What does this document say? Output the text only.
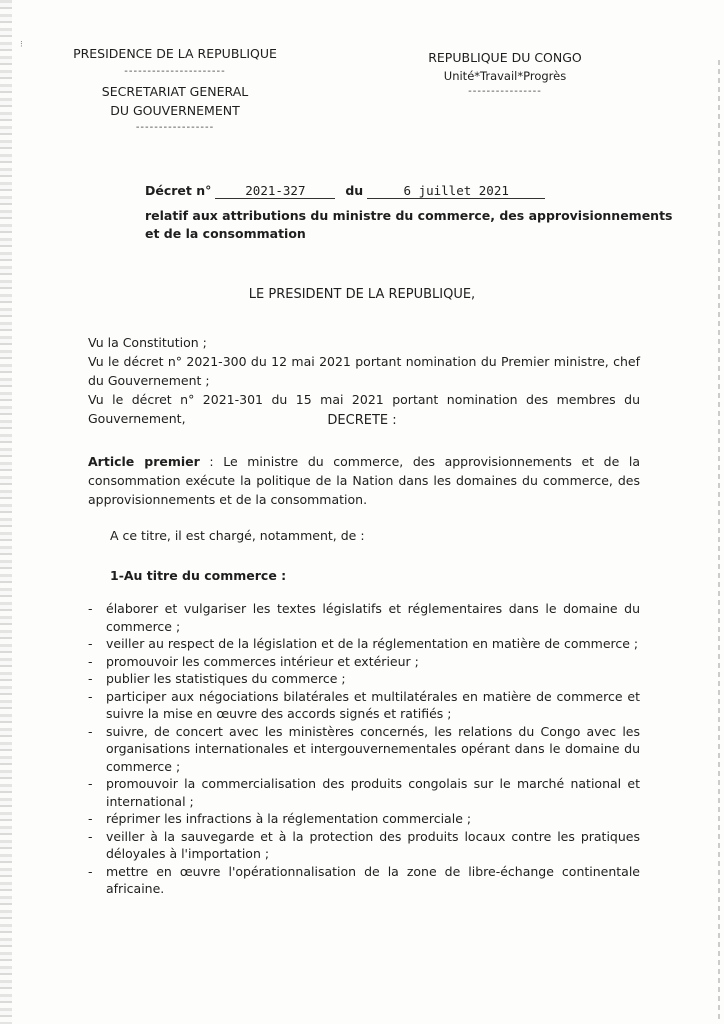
⁝
PRESIDENCE DE LA REPUBLIQUE
----------------------
SECRETARIAT GENERAL
DU GOUVERNEMENT
-----------------
REPUBLIQUE DU CONGO
Unité*Travail*Progrès
----------------
Décret n°	2021-327	du	6 juillet 2021
relatif aux attributions du ministre du commerce, des approvisionnements
et de la consommation
LE PRESIDENT DE LA REPUBLIQUE,
Vu la Constitution ;
Vu le décret n° 2021-300 du 12 mai 2021 portant nomination du Premier ministre, chef du Gouvernement ;
Vu le décret n° 2021-301 du 15 mai 2021 portant nomination des membres du Gouvernement,	DECRETE :
Article premier : Le ministre du commerce, des approvisionnements et de la consommation exécute la politique de la Nation dans les domaines du commerce, des approvisionnements et de la consommation.
A ce titre, il est chargé, notamment, de :
1-Au titre du commerce :
- élaborer et vulgariser les textes législatifs et réglementaires dans le domaine du commerce ;
- veiller au respect de la législation et de la réglementation en matière de commerce ;
- promouvoir les commerces intérieur et extérieur ;
- publier les statistiques du commerce ;
- participer aux négociations bilatérales et multilatérales en matière de commerce et suivre la mise en œuvre des accords signés et ratifiés ;
- suivre, de concert avec les ministères concernés, les relations du Congo avec les organisations internationales et intergouvernementales opérant dans le domaine du commerce ;
- promouvoir la commercialisation des produits congolais sur le marché national et international ;
- réprimer les infractions à la réglementation commerciale ;
- veiller à la sauvegarde et à la protection des produits locaux contre les pratiques déloyales à l'importation ;
- mettre en œuvre l'opérationnalisation de la zone de libre-échange continentale africaine.
